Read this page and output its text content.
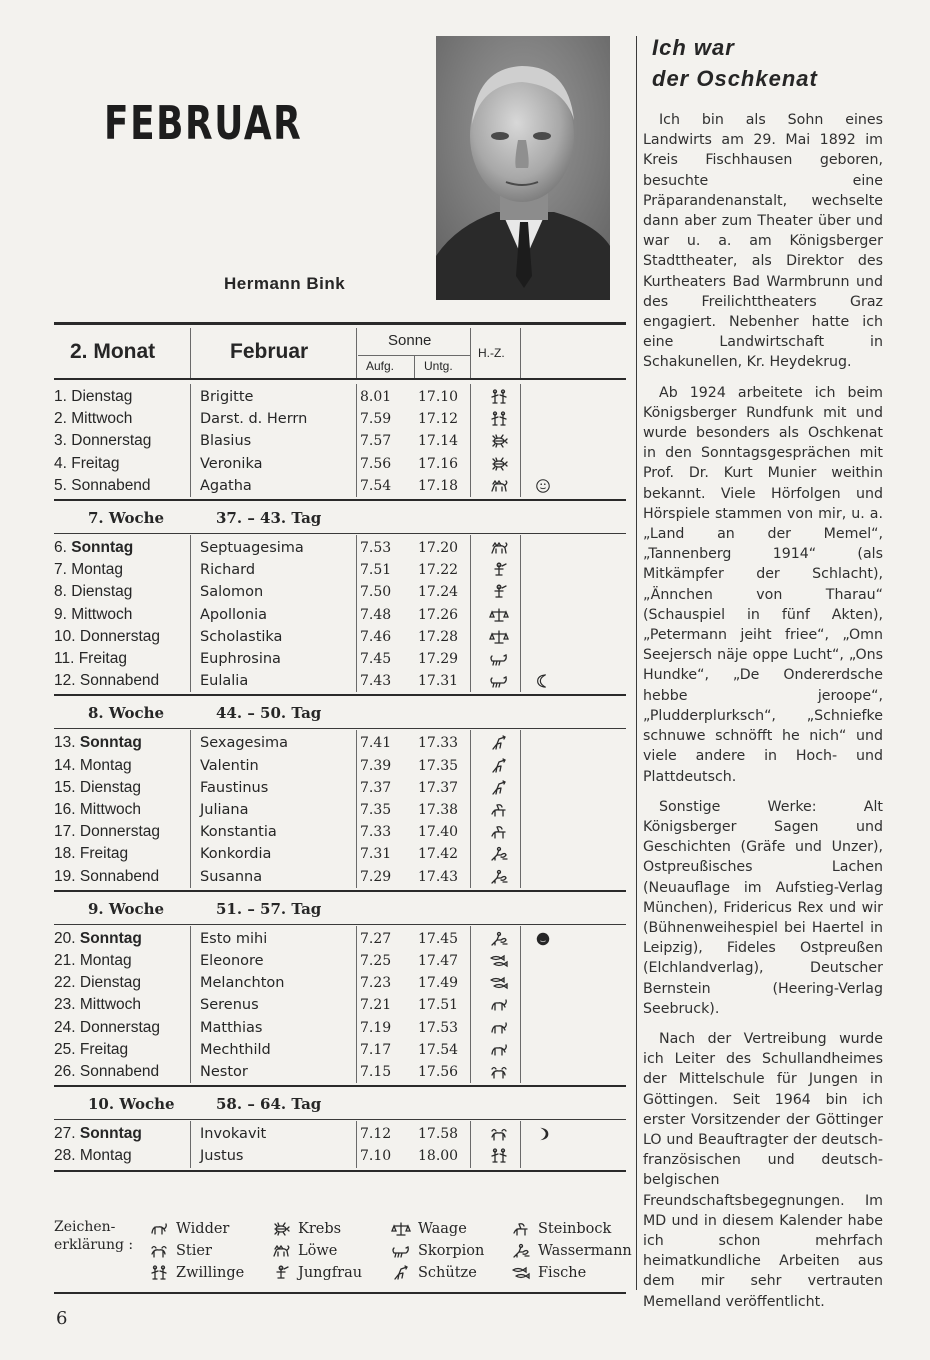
FEBRUAR
Hermann Bink
2. Monat	Februar	Sonne
Aufg. Untg.
H.-Z.
1. Dienstag	Brigitte	8.01	17.10
2. Mittwoch	Darst. d. Herrn	7.59	17.12
3. Donnerstag	Blasius	7.57	17.14
4. Freitag	Veronika	7.56	17.16
5. Sonnabend	Agatha	7.54	17.18
7. Woche	37. – 43. Tag
6. Sonntag	Septuagesima	7.53	17.20
7. Montag	Richard	7.51	17.22
8. Dienstag	Salomon	7.50	17.24
9. Mittwoch	Apollonia	7.48	17.26
10. Donnerstag	Scholastika	7.46	17.28
11. Freitag	Euphrosina	7.45	17.29
12. Sonnabend	Eulalia	7.43	17.31
8. Woche	44. – 50. Tag
13. Sonntag	Sexagesima	7.41	17.33
14. Montag	Valentin	7.39	17.35
15. Dienstag	Faustinus	7.37	17.37
16. Mittwoch	Juliana	7.35	17.38
17. Donnerstag	Konstantia	7.33	17.40
18. Freitag	Konkordia	7.31	17.42
19. Sonnabend	Susanna	7.29	17.43
9. Woche	51. – 57. Tag
20. Sonntag	Esto mihi	7.27	17.45
21. Montag	Eleonore	7.25	17.47
22. Dienstag	Melanchton	7.23	17.49
23. Mittwoch	Serenus	7.21	17.51
24. Donnerstag	Matthias	7.19	17.53
25. Freitag	Mechthild	7.17	17.54
26. Sonnabend	Nestor	7.15	17.56
10. Woche	58. – 64. Tag
27. Sonntag	Invokavit	7.12	17.58
28. Montag	Justus	7.10	18.00
Zeichen-
erklärung :
Widder
Stier
Zwillinge
Krebs
Löwe
Jungfrau
Waage
Skorpion
Schütze
Steinbock
Wassermann
Fische
6
Ich war
der Oschkenat

Ich bin als Sohn eines Landwirts am 29. Mai 1892 im Kreis Fischhausen geboren, besuchte eine Präparandenanstalt, wechselte dann aber zum Theater über und war u. a. am Königsberger Stadttheater, als Direktor des Kurtheaters Bad Warmbrunn und des Freilichttheaters Graz engagiert. Nebenher hatte ich eine Landwirtschaft in Schakunellen, Kr. Heydekrug.

Ab 1924 arbeitete ich beim Königsberger Rundfunk mit und wurde besonders als Oschkenat in den Sonntagsgesprächen mit Prof. Dr. Kurt Munier weithin bekannt. Viele Hörfolgen und Hörspiele stammen von mir, u. a. „Land an der Memel“, „Tannenberg 1914“ (als Mitkämpfer der Schlacht), „Ännchen von Tharau“ (Schauspiel in fünf Akten), „Petermann jeiht friee“, „Omn Seejersch näje oppe Lucht“, „Ons Hundke“, „De Ondererdsche hebbe jeroope“, „Pludderplurksch“, „Schniefke schnuwe schnöfft he nich“ und viele andere in Hoch- und Plattdeutsch.

Sonstige Werke: Alt Königsberger Sagen und Geschichten (Gräfe und Unzer), Ostpreußisches Lachen (Neuauflage im Aufstieg-Verlag München), Fridericus Rex und wir (Bühnenweihespiel bei Haertel in Leipzig), Fideles Ostpreußen (Elchlandverlag), Deutscher Bernstein (Heering-Verlag Seebruck).

Nach der Vertreibung wurde ich Leiter des Schullandheimes der Mittelschule für Jungen in Göttingen. Seit 1964 bin ich erster Vorsitzender der Göttinger LO und Beauftragter der deutsch-französischen und deutsch-belgischen Freundschaftsbegegnungen. Im MD und in diesem Kalender habe ich schon mehrfach heimatkundliche Arbeiten aus dem mir sehr vertrauten Memelland veröffentlicht.
